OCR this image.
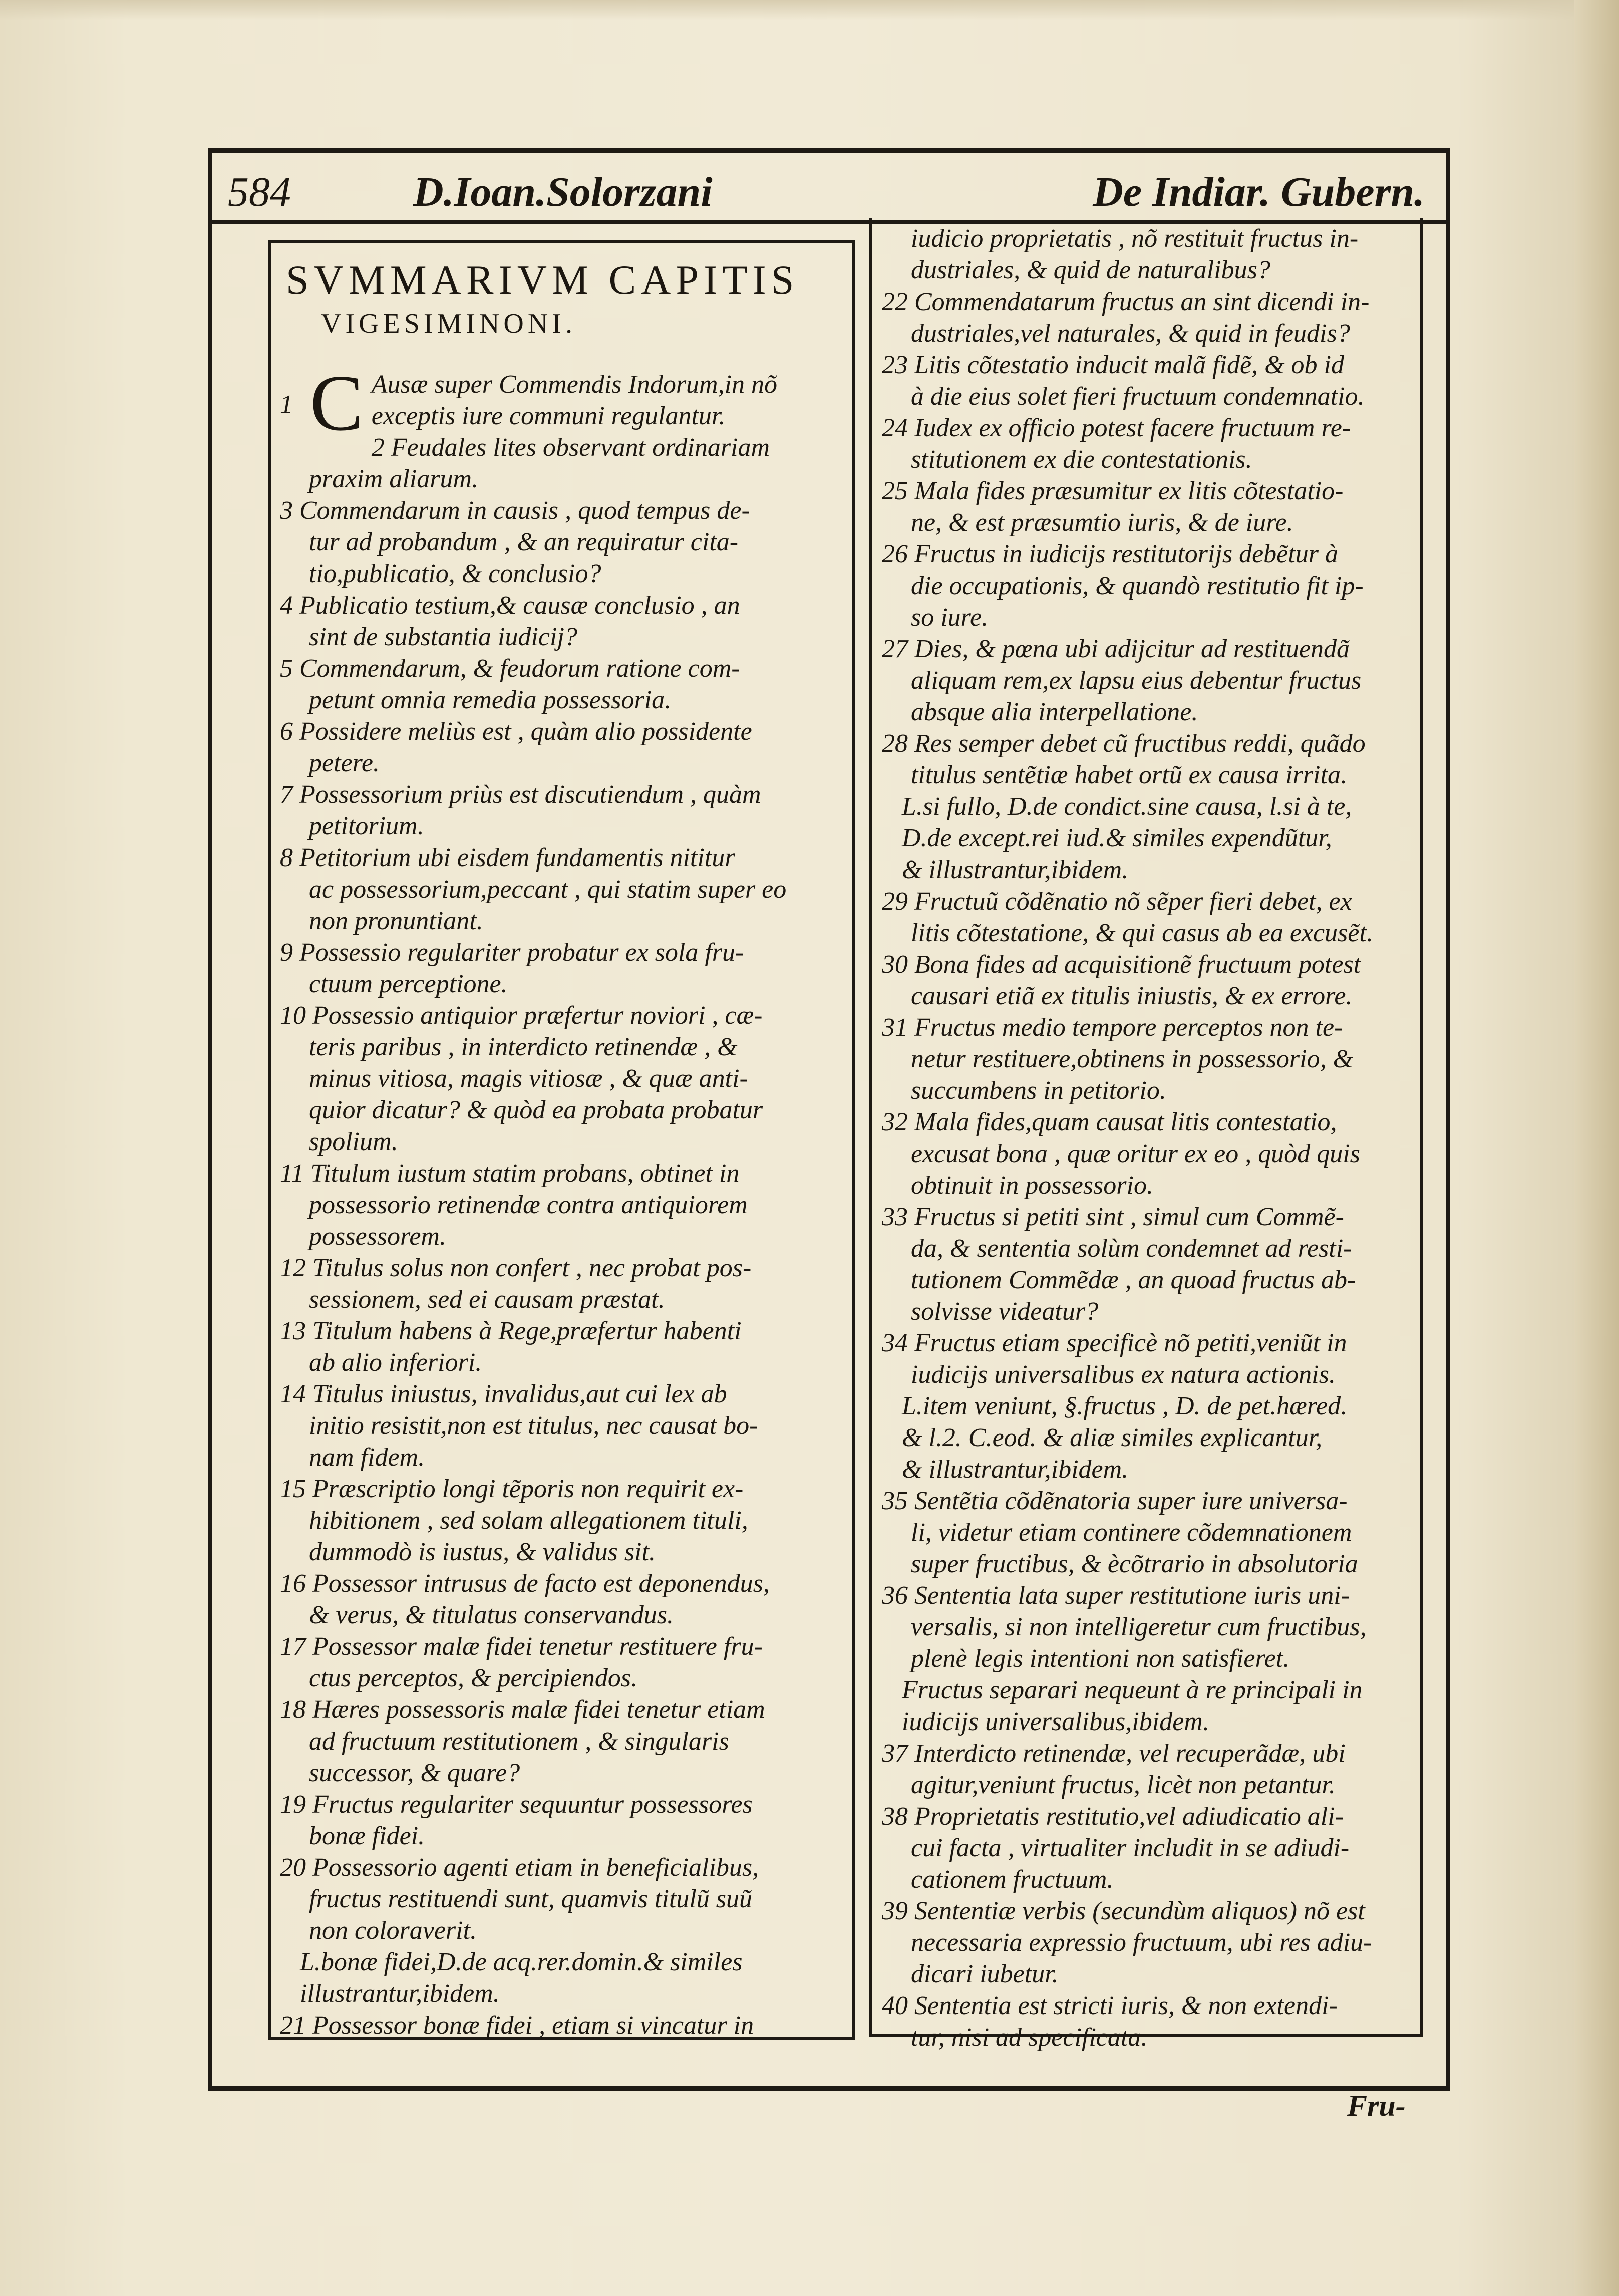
584	D.Ioan.Solorzani	De Indiar. Gubern.
SVMMARIVM CAPITIS
VIGESIMINONI.

1 C Ausæ super Commendis Indorum,in nõ

exceptis iure communi regulantur.

2 Feudales lites observant ordinariam

praxim aliarum.

3 Commendarum in causis , quod tempus de-

tur ad probandum , & an requiratur cita-

tio,publicatio, & conclusio?

4 Publicatio testium,& causæ conclusio , an

sint de substantia iudicij?

5 Commendarum, & feudorum ratione com-

petunt omnia remedia possessoria.

6 Possidere meliùs est , quàm alio possidente

petere.

7 Possessorium priùs est discutiendum , quàm

petitorium.

8 Petitorium ubi eisdem fundamentis nititur

ac possessorium,peccant , qui statim super eo

non pronuntiant.

9 Possessio regulariter probatur ex sola fru-

ctuum perceptione.

10 Possessio antiquior præfertur noviori , cæ-

teris paribus , in interdicto retinendæ , &

minus vitiosa, magis vitiosæ , & quæ anti-

quior dicatur? & quòd ea probata probatur

spolium.

11 Titulum iustum statim probans, obtinet in

possessorio retinendæ contra antiquiorem

possessorem.

12 Titulus solus non confert , nec probat pos-

sessionem, sed ei causam præstat.

13 Titulum habens à Rege,præfertur habenti

ab alio inferiori.

14 Titulus iniustus, invalidus,aut cui lex ab

initio resistit,non est titulus, nec causat bo-

nam fidem.

15 Præscriptio longi tẽporis non requirit ex-

hibitionem , sed solam allegationem tituli,

dummodò is iustus, & validus sit.

16 Possessor intrusus de facto est deponendus,

& verus, & titulatus conservandus.

17 Possessor malæ fidei tenetur restituere fru-

ctus perceptos, & percipiendos.

18 Hæres possessoris malæ fidei tenetur etiam

ad fructuum restitutionem , & singularis

successor, & quare?

19 Fructus regulariter sequuntur possessores

bonæ fidei.

20 Possessorio agenti etiam in beneficialibus,

fructus restituendi sunt, quamvis titulũ suũ

non coloraverit.

L.bonæ fidei,D.de acq.rer.domin.& similes

illustrantur,ibidem.

21 Possessor bonæ fidei , etiam si vincatur in

iudicio proprietatis , nõ restituit fructus in-

dustriales, & quid de naturalibus?

22 Commendatarum fructus an sint dicendi in-

dustriales,vel naturales, & quid in feudis?

23 Litis cõtestatio inducit malã fidẽ, & ob id

à die eius solet fieri fructuum condemnatio.

24 Iudex ex officio potest facere fructuum re-

stitutionem ex die contestationis.

25 Mala fides præsumitur ex litis cõtestatio-

ne, & est præsumtio iuris, & de iure.

26 Fructus in iudicijs restitutorijs debẽtur à

die occupationis, & quandò restitutio fit ip-

so iure.

27 Dies, & pœna ubi adijcitur ad restituendã

aliquam rem,ex lapsu eius debentur fructus

absque alia interpellatione.

28 Res semper debet cũ fructibus reddi, quãdo

titulus sentẽtiæ habet ortũ ex causa irrita.

L.si fullo, D.de condict.sine causa, l.si à te,

D.de except.rei iud.& similes expendũtur,

& illustrantur,ibidem.

29 Fructuũ cõdẽnatio nõ sẽper fieri debet, ex

litis cõtestatione, & qui casus ab ea excusẽt.

30 Bona fides ad acquisitionẽ fructuum potest

causari etiã ex titulis iniustis, & ex errore.

31 Fructus medio tempore perceptos non te-

netur restituere,obtinens in possessorio, &

succumbens in petitorio.

32 Mala fides,quam causat litis contestatio,

excusat bona , quæ oritur ex eo , quòd quis

obtinuit in possessorio.

33 Fructus si petiti sint , simul cum Commẽ-

da, & sententia solùm condemnet ad resti-

tutionem Commẽdæ , an quoad fructus ab-

solvisse videatur?

34 Fructus etiam specificè nõ petiti,veniũt in

iudicijs universalibus ex natura actionis.

L.item veniunt, §.fructus , D. de pet.hæred.

& l.2. C.eod. & aliæ similes explicantur,

& illustrantur,ibidem.

35 Sentẽtia cõdẽnatoria super iure universa-

li, videtur etiam continere cõdemnationem

super fructibus, & ècõtrario in absolutoria

36 Sententia lata super restitutione iuris uni-

versalis, si non intelligeretur cum fructibus,

plenè legis intentioni non satisfieret.

Fructus separari nequeunt à re principali in

iudicijs universalibus,ibidem.

37 Interdicto retinendæ, vel recuperãdæ, ubi

agitur,veniunt fructus, licèt non petantur.

38 Proprietatis restitutio,vel adiudicatio ali-

cui facta , virtualiter includit in se adiudi-

cationem fructuum.

39 Sententiæ verbis (secundùm aliquos) nõ est

necessaria expressio fructuum, ubi res adiu-

dicari iubetur.

40 Sententia est stricti iuris, & non extendi-

tur, nisi ad specificata.

Fru-
